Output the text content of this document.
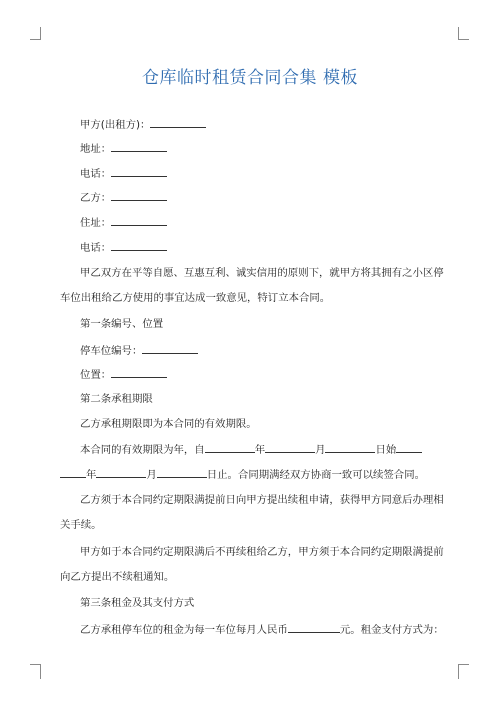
仓库临时租赁合同合集 模板
甲方(出租方)：
地址：
电话：
乙方：
住址：
电话：
甲乙双方在平等自愿、互惠互利、诚实信用的原则下，就甲方将其拥有之小区停
车位出租给乙方使用的事宜达成一致意见，特订立本合同。
第一条编号、位置
停车位编号：
位置：
第二条承租期限
乙方承租期限即为本合同的有效期限。
本合同的有效期限为年，自	年	月	日始
年	月	日止。合同期满经双方协商一致可以续签合同。
乙方须于本合同约定期限满提前日向甲方提出续租申请，获得甲方同意后办理相
关手续。
甲方如于本合同约定期限满后不再续租给乙方，甲方须于本合同约定期限满提前
向乙方提出不续租通知。
第三条租金及其支付方式
乙方承租停车位的租金为每一车位每月人民币	元。租金支付方式为：
